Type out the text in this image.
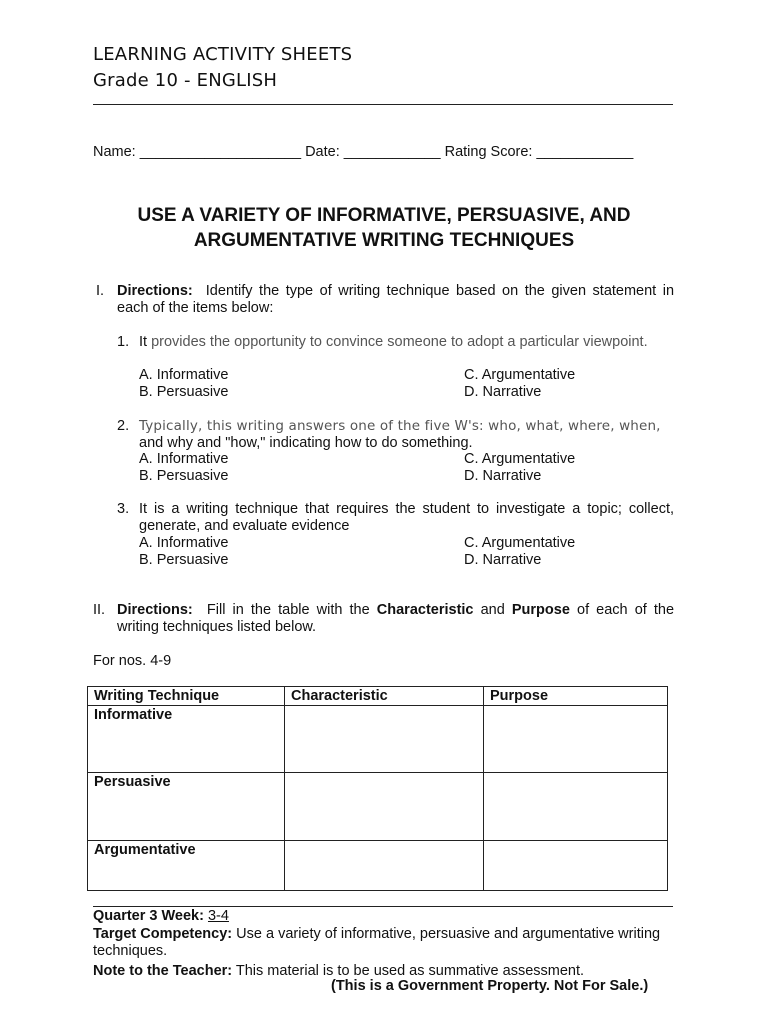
LEARNING ACTIVITY SHEETS
Grade 10 - ENGLISH
Name: ____________________ Date: ____________ Rating Score: ____________
USE A VARIETY OF INFORMATIVE, PERSUASIVE, AND
ARGUMENTATIVE WRITING TECHNIQUES
I. Directions: Identify the type of writing technique based on the given statement in each of the items below:
1. It provides the opportunity to convince someone to adopt a particular viewpoint.
A. Informative
B. Persuasive
C. Argumentative
D. Narrative
2. Typically, this writing answers one of the five W's: who, what, where, when,
and why and "how," indicating how to do something.
A. Informative
B. Persuasive
C. Argumentative
D. Narrative
3. It is a writing technique that requires the student to investigate a topic; collect, generate, and evaluate evidence
A. Informative
B. Persuasive
C. Argumentative
D. Narrative
II. Directions: Fill in the table with the Characteristic and Purpose of each of the writing techniques listed below.
For nos. 4-9
Writing Technique	Characteristic	Purpose
Informative		
Persuasive		
Argumentative		
Quarter 3 Week: 3-4
Target Competency: Use a variety of informative, persuasive and argumentative writing techniques.
Note to the Teacher: This material is to be used as summative assessment.
(This is a Government Property. Not For Sale.)
